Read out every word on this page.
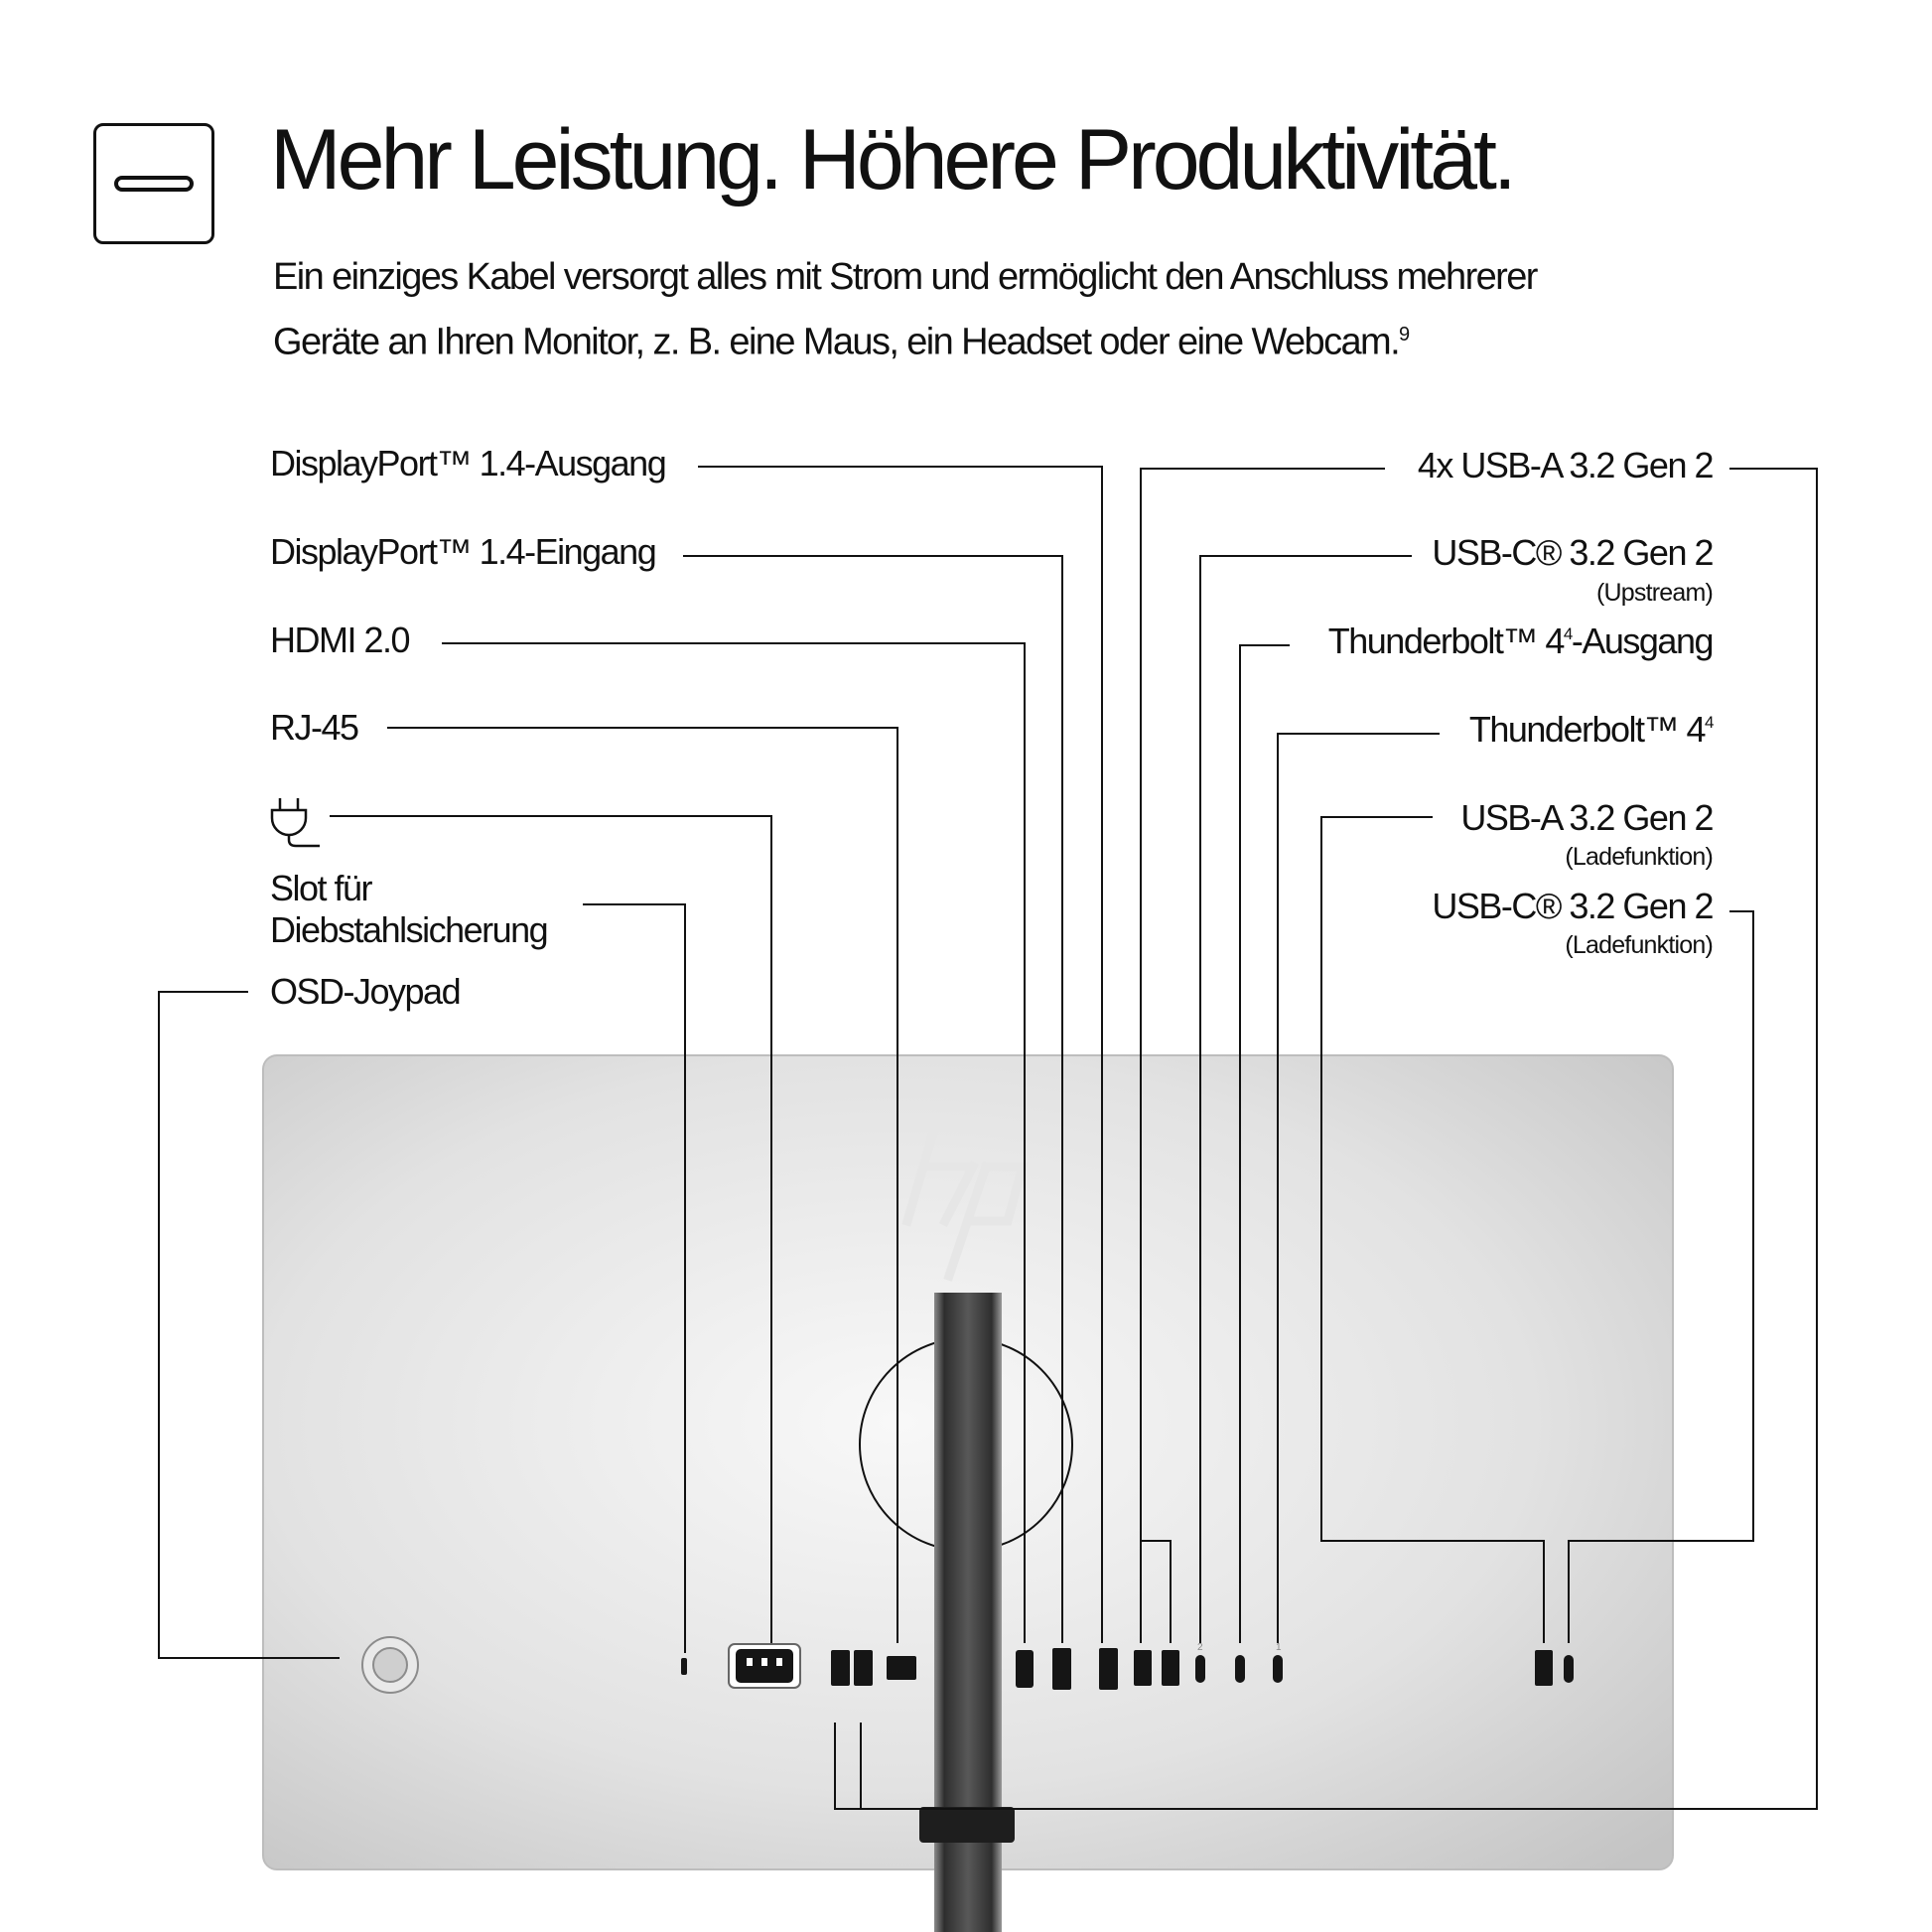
Mehr Leistung. Höhere Produktivität.
Ein einziges Kabel versorgt alles mit Strom und ermöglicht den Anschluss mehrerer
Geräte an Ihren Monitor, z. B. eine Maus, ein Headset oder eine Webcam.$^9$
2	1
DisplayPort™ 1.4-Ausgang
DisplayPort™ 1.4-Eingang
HDMI 2.0
RJ-45
Slot für
Diebstahlsicherung
OSD-Joypad
4x USB-A 3.2 Gen 2
USB-C® 3.2 Gen 2
(Upstream)
Thunderbolt™ $4^4$-Ausgang
Thunderbolt™ $4^4$
USB-A 3.2 Gen 2
(Ladefunktion)
USB-C® 3.2 Gen 2
(Ladefunktion)
